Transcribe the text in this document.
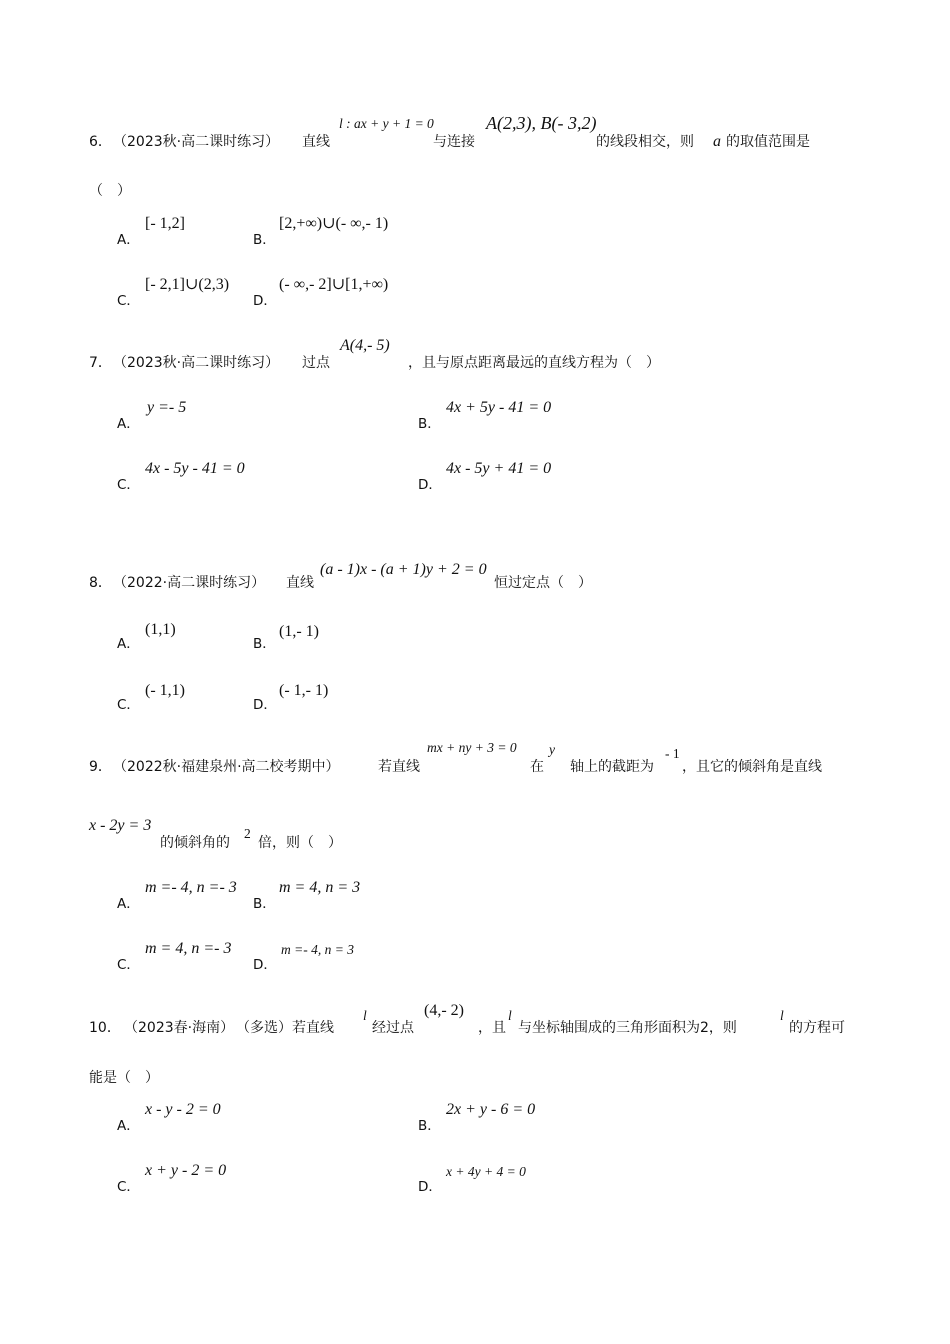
6． （2023秋·高二课时练习） 直线
l : ax + y + 1 = 0
与连接
A(2,3), B(- 3,2)
的线段相交，则 a 的取值范围是
（　）
A．
[- 1,2]
B．
[2,+∞)∪(- ∞,- 1)
C．
[- 2,1]∪(2,3)
D．
(- ∞,- 2]∪[1,+∞)
7． （2023秋·高二课时练习） 过点
A(4,- 5)
，且与原点距离最远的直线方程为（　）
A．
y =- 5
B．
4x + 5y - 41 = 0
C．
4x - 5y - 41 = 0
D．
4x - 5y + 41 = 0
8． （2022·高二课时练习） 直线
(a - 1)x - (a + 1)y + 2 = 0
恒过定点（　）
A．
(1,1)
B．
(1,- 1)
C．
(- 1,1)
D．
(- 1,- 1)
9． （2022秋·福建泉州·高二校考期中）	若直线
mx + ny + 3 = 0
在
y
轴上的截距为
- 1
，且它的倾斜角是直线
x - 2y = 3
的倾斜角的
2
倍，则（　）
A．
m =- 4, n =- 3
B．
m = 4, n = 3
C．
m = 4, n =- 3
D．
m =- 4, n = 3
10． （2023春·海南） （多选）若直线
l
经过点
(4,- 2)
，且
l
与坐标轴围成的三角形面积为2，则
l
的方程可
能是（　）
A．
x - y - 2 = 0
B．
2x + y - 6 = 0
C．
x + y - 2 = 0
D．
x + 4y + 4 = 0
